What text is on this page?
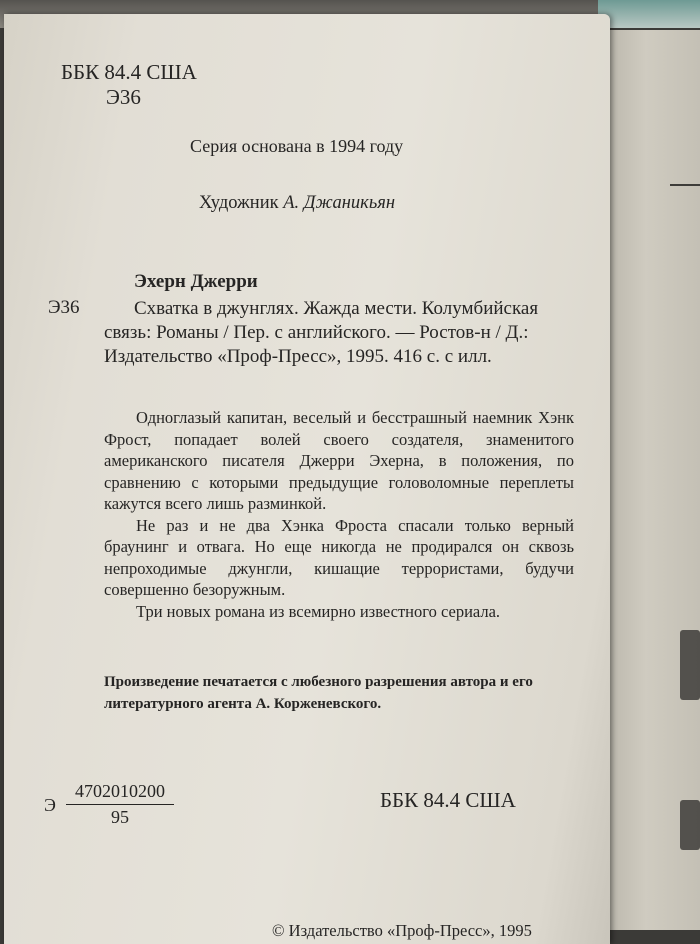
ББК 84.4 США
Э36
Серия основана в 1994 году
Художник А. Джаникьян
Эхерн Джерри
Э36	Схватка в джунглях. Жажда мести. Колумбийская
связь: Романы / Пер. с английского. — Ростов-н / Д.:
Издательство «Проф-Пресс», 1995. 416 с. с илл.

Одноглазый капитан, веселый и бесстрашный наемник Хэнк Фрост, попадает волей своего создателя, знаменитого американского писателя Джерри Эхерна, в положения, по сравнению с которыми предыдущие головоломные переплеты кажутся всего лишь разминкой.

Не раз и не два Хэнка Фроста спасали только верный браунинг и отвага. Но еще никогда не продирался он сквозь непроходимые джунгли, кишащие террористами, будучи совершенно безоружным.

Три новых романа из всемирно известного сериала.

Произведение печатается с любезного разрешения автора и его литературного агента А. Корженевского.
Э $\frac{4702010200}{95}$	ББК 84.4 США
© Издательство «Проф-Пресс», 1995
